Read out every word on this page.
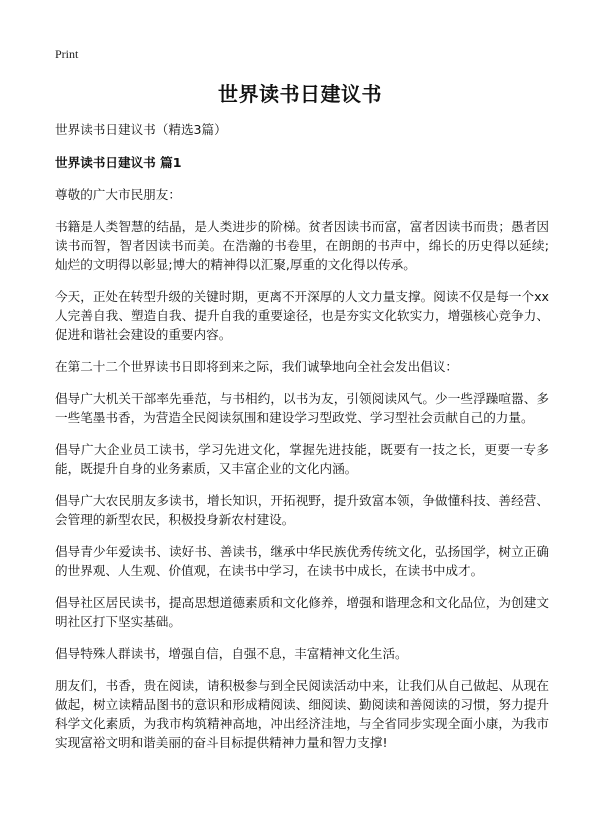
Print
世界读书日建议书

世界读书日建议书（精选3篇）

世界读书日建议书 篇1

尊敬的广大市民朋友：

书籍是人类智慧的结晶，是人类进步的阶梯。贫者因读书而富，富者因读书而贵；愚者因读书而智，智者因读书而美。在浩瀚的书卷里，在朗朗的书声中，绵长的历史得以延续;灿烂的文明得以彰显;博大的精神得以汇聚,厚重的文化得以传承。

今天，正处在转型升级的关键时期，更离不开深厚的人文力量支撑。阅读不仅是每一个xx人完善自我、塑造自我、提升自我的重要途径，也是夯实文化软实力，增强核心竞争力、促进和谐社会建设的重要内容。

在第二十二个世界读书日即将到来之际，我们诚挚地向全社会发出倡议：

倡导广大机关干部率先垂范，与书相约，以书为友，引领阅读风气。少一些浮躁喧嚣、多一些笔墨书香，为营造全民阅读氛围和建设学习型政党、学习型社会贡献自己的力量。

倡导广大企业员工读书，学习先进文化，掌握先进技能，既要有一技之长，更要一专多能，既提升自身的业务素质，又丰富企业的文化内涵。

倡导广大农民朋友多读书，增长知识，开拓视野，提升致富本领，争做懂科技、善经营、会管理的新型农民，积极投身新农村建设。

倡导青少年爱读书、读好书、善读书，继承中华民族优秀传统文化，弘扬国学，树立正确的世界观、人生观、价值观，在读书中学习，在读书中成长，在读书中成才。

倡导社区居民读书，提高思想道德素质和文化修养，增强和谐理念和文化品位，为创建文明社区打下坚实基础。

倡导特殊人群读书，增强自信，自强不息，丰富精神文化生活。

朋友们，书香，贵在阅读，请积极参与到全民阅读活动中来，让我们从自己做起、从现在做起，树立读精品图书的意识和形成精阅读、细阅读、勤阅读和善阅读的习惯，努力提升科学文化素质，为我市构筑精神高地，冲出经济洼地，与全省同步实现全面小康，为我市实现富裕文明和谐美丽的奋斗目标提供精神力量和智力支撑!
